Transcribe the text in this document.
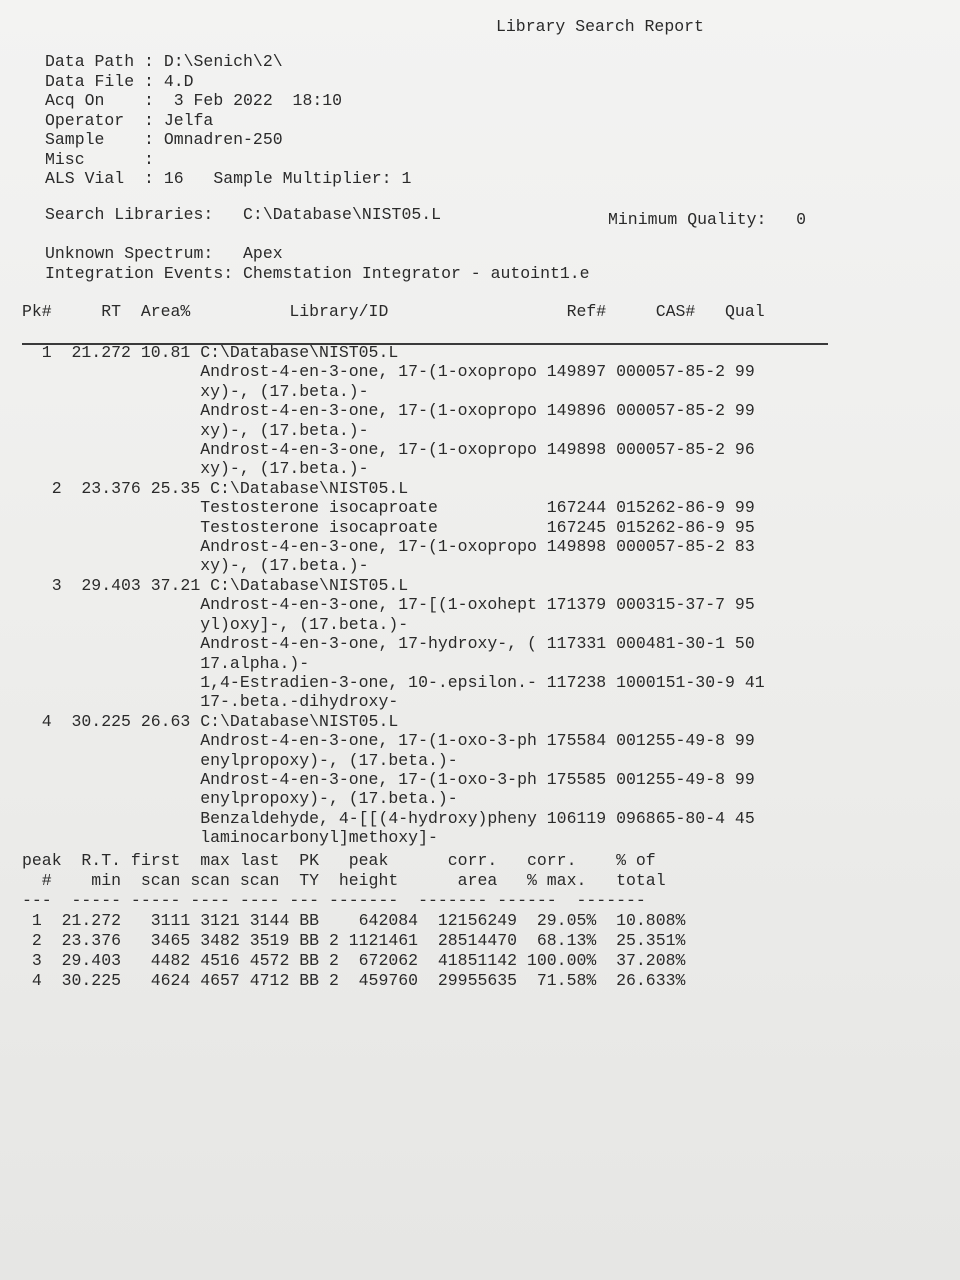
Library Search Report
Data Path : D:\Senich\2\
Data File : 4.D
Acq On    :  3 Feb 2022  18:10
Operator  : Jelfa
Sample    : Omnadren-250
Misc      :
ALS Vial  : 16   Sample Multiplier: 1
Search Libraries:   C:\Database\NIST05.L	Minimum Quality:   0
Unknown Spectrum:   Apex
Integration Events: Chemstation Integrator - autoint1.e
Pk#     RT  Area%          Library/ID                  Ref#     CAS#   Qual
1  21.272 10.81 C:\Database\NIST05.L
Androst-4-en-3-one, 17-(1-oxopropo 149897 000057-85-2 99
xy)-, (17.beta.)-
Androst-4-en-3-one, 17-(1-oxopropo 149896 000057-85-2 99
xy)-, (17.beta.)-
Androst-4-en-3-one, 17-(1-oxopropo 149898 000057-85-2 96
xy)-, (17.beta.)-
2  23.376 25.35 C:\Database\NIST05.L
Testosterone isocaproate           167244 015262-86-9 99
Testosterone isocaproate           167245 015262-86-9 95
Androst-4-en-3-one, 17-(1-oxopropo 149898 000057-85-2 83
xy)-, (17.beta.)-
3  29.403 37.21 C:\Database\NIST05.L
Androst-4-en-3-one, 17-[(1-oxohept 171379 000315-37-7 95
yl)oxy]-, (17.beta.)-
Androst-4-en-3-one, 17-hydroxy-, ( 117331 000481-30-1 50
17.alpha.)-
1,4-Estradien-3-one, 10-.epsilon.- 117238 1000151-30-9 41
17-.beta.-dihydroxy-
4  30.225 26.63 C:\Database\NIST05.L
Androst-4-en-3-one, 17-(1-oxo-3-ph 175584 001255-49-8 99
enylpropoxy)-, (17.beta.)-
Androst-4-en-3-one, 17-(1-oxo-3-ph 175585 001255-49-8 99
enylpropoxy)-, (17.beta.)-
Benzaldehyde, 4-[[(4-hydroxy)pheny 106119 096865-80-4 45
laminocarbonyl]methoxy]-
peak  R.T. first  max last  PK   peak      corr.   corr.    % of
#    min  scan scan scan  TY  height      area   % max.   total
---  ----- ----- ---- ---- --- -------  ------- ------  -------
1  21.272   3111 3121 3144 BB    642084  12156249  29.05%  10.808%
2  23.376   3465 3482 3519 BB 2 1121461  28514470  68.13%  25.351%
3  29.403   4482 4516 4572 BB 2  672062  41851142 100.00%  37.208%
4  30.225   4624 4657 4712 BB 2  459760  29955635  71.58%  26.633%
